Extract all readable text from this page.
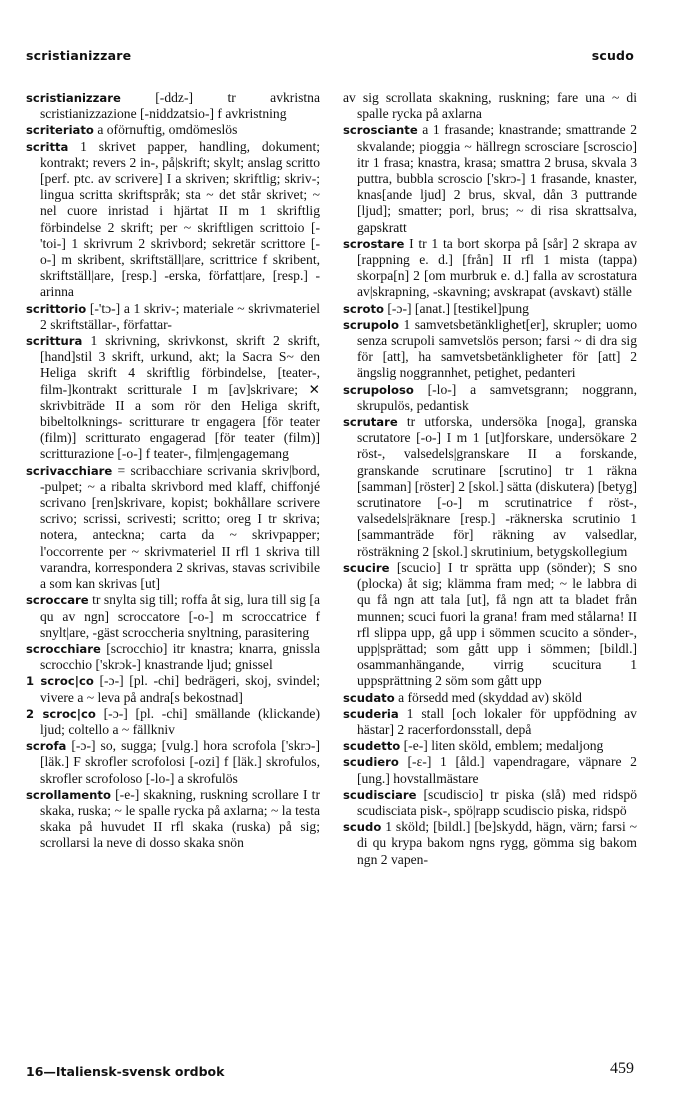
scristianizzare	scudo

scristianizzare	[-ddz-] tr avkristna scristianizzazione [-niddzatsio-] f avkristning

scriteriato a oförnuftig, omdömeslös

scritta 1 skrivet papper, handling, dokument; kontrakt; revers 2 in-, på|skrift; skylt; anslag scritto [perf. ptc. av scrivere] I a skriven; skriftlig; skriv-; lingua scritta skriftspråk; sta ~ det står skrivet; ~ nel cuore inristad i hjärtat II m 1 skriftlig förbindelse 2 skrift; per ~ skriftligen scrittoio [-'toi-] 1 skrivrum 2 skrivbord; sekretär scrittore [-o-] m skribent, skriftställ|are, scrittrice f skribent, skriftställ|are, [resp.] -erska, författ|are, [resp.] -arinna

scrittorio [-'tɔ-] a 1 skriv-; materiale ~ skrivmateriel 2 skriftställar-, författar-

scrittura 1 skrivning, skrivkonst, skrift 2 skrift, [hand]stil 3 skrift, urkund, akt; la Sacra S~ den Heliga skrift 4 skriftlig förbindelse, [teater-, film-]kontrakt scritturale I m [av]skrivare; ✕ skrivbiträde II a som rör den Heliga skrift, bibeltolknings- scritturare tr engagera [för teater (film)] scritturato engagerad [för teater (film)] scritturazione [-o-] f teater-, film|engagemang

scrivacchiare = scribacchiare scrivania skriv|bord, -pulpet; ~ a ribalta skrivbord med klaff, chiffonjé scrivano [ren]skrivare, kopist; bokhållare scrivere scrivo; scrissi, scrivesti; scritto; oreg I tr skriva; notera, anteckna; carta da ~ skrivpapper; l'occorrente per ~ skrivmateriel II rfl 1 skriva till varandra, korrespondera 2 skrivas, stavas scrivibile a som kan skrivas [ut]

scroccare tr snylta sig till; roffa åt sig, lura till sig [a qu av ngn] scroccatore [-o-] m scroccatrice f snylt|are, -gäst scroccheria snyltning, parasitering

scrocchiare [scrocchio] itr knastra; knarra, gnissla scrocchio ['skrɔk-] knastrande ljud; gnissel

1 scroc|co [-ɔ-] [pl. -chi] bedrägeri, skoj, svindel; vivere a ~ leva på andra[s bekostnad]

2 scroc|co [-ɔ-] [pl. -chi] smällande (klickande) ljud; coltello a ~ fällkniv

scrofa [-ɔ-] so, sugga; [vulg.] hora scrofola ['skrɔ-] [läk.] F skrofler scrofolosi [-ozi] f [läk.] skrofulos, skrofler scrofoloso [-lo-] a skrofulös

scrollamento [-e-] skakning, ruskning scrollare I tr skaka, ruska; ~ le spalle rycka på axlarna; ~ la testa skaka på huvudet II rfl skaka (ruska) på sig; scrollarsi la neve di dosso skaka snön

av sig scrollata skakning, ruskning; fare una ~ di spalle rycka på axlarna

scrosciante a 1 frasande; knastrande; smattrande 2 skvalande; pioggia ~ hällregn scrosciare [scroscio] itr 1 frasa; knastra, krasa; smattra 2 brusa, skvala 3 puttra, bubbla scroscio ['skrɔ-] 1 frasande, knaster, knas[ande ljud] 2 brus, skval, dån 3 puttrande [ljud]; smatter; porl, brus; ~ di risa skrattsalva, gapskratt

scrostare I tr 1 ta bort skorpa på [sår] 2 skrapa av [rappning e. d.] [från] II rfl 1 mista (tappa) skorpa[n] 2 [om murbruk e. d.] falla av scrostatura av|skrapning, -skavning; avskrapat (avskavt) ställe

scroto [-ɔ-] [anat.] [testikel]pung

scrupolo 1 samvetsbetänklighet[er], skrupler; uomo senza scrupoli samvetslös person; farsi ~ di dra sig för [att], ha samvetsbetänkligheter för [att] 2 ängslig noggrannhet, petighet, pedanteri

scrupoloso [-lo-] a samvetsgrann; noggrann, skrupulös, pedantisk

scrutare tr utforska, undersöka [noga], granska scrutatore [-o-] I m 1 [ut]forskare, undersökare 2 röst-, valsedels|granskare II a forskande, granskande scrutinare [scrutino] tr 1 räkna [samman] [röster] 2 [skol.] sätta (diskutera) [betyg] scrutinatore [-o-] m scrutinatrice f röst-, valsedels|räknare [resp.] -räknerska scrutinio 1 [sammanträde för] räkning av valsedlar, rösträkning 2 [skol.] skrutinium, betygskollegium

scucire [scucio] I tr sprätta upp (sönder); S sno (plocka) åt sig; klämma fram med; ~ le labbra di qu få ngn att tala [ut], få ngn att ta bladet från munnen; scuci fuori la grana! fram med stålarna! II rfl slippa upp, gå upp i sömmen scucito a sönder-, upp|sprättad; som gått upp i sömmen; [bildl.] osammanhängande, virrig scucitura 1 uppsprättning 2 söm som gått upp

scudato a försedd med (skyddad av) sköld

scuderia 1 stall [och lokaler för uppfödning av hästar] 2 racerfordonsstall, depå

scudetto [-e-] liten sköld, emblem; medaljong

scudiero [-ɛ-] 1 [åld.] vapendragare, väpnare 2 [ung.] hovstallmästare

scudisciare [scudiscio] tr piska (slå) med ridspö scudisciata pisk-, spö|rapp scudiscio piska, ridspö

scudo 1 sköld; [bildl.] [be]skydd, hägn, värn; farsi ~ di qu krypa bakom ngns rygg, gömma sig bakom ngn 2 vapen-

16—Italiensk-svensk ordbok	459
